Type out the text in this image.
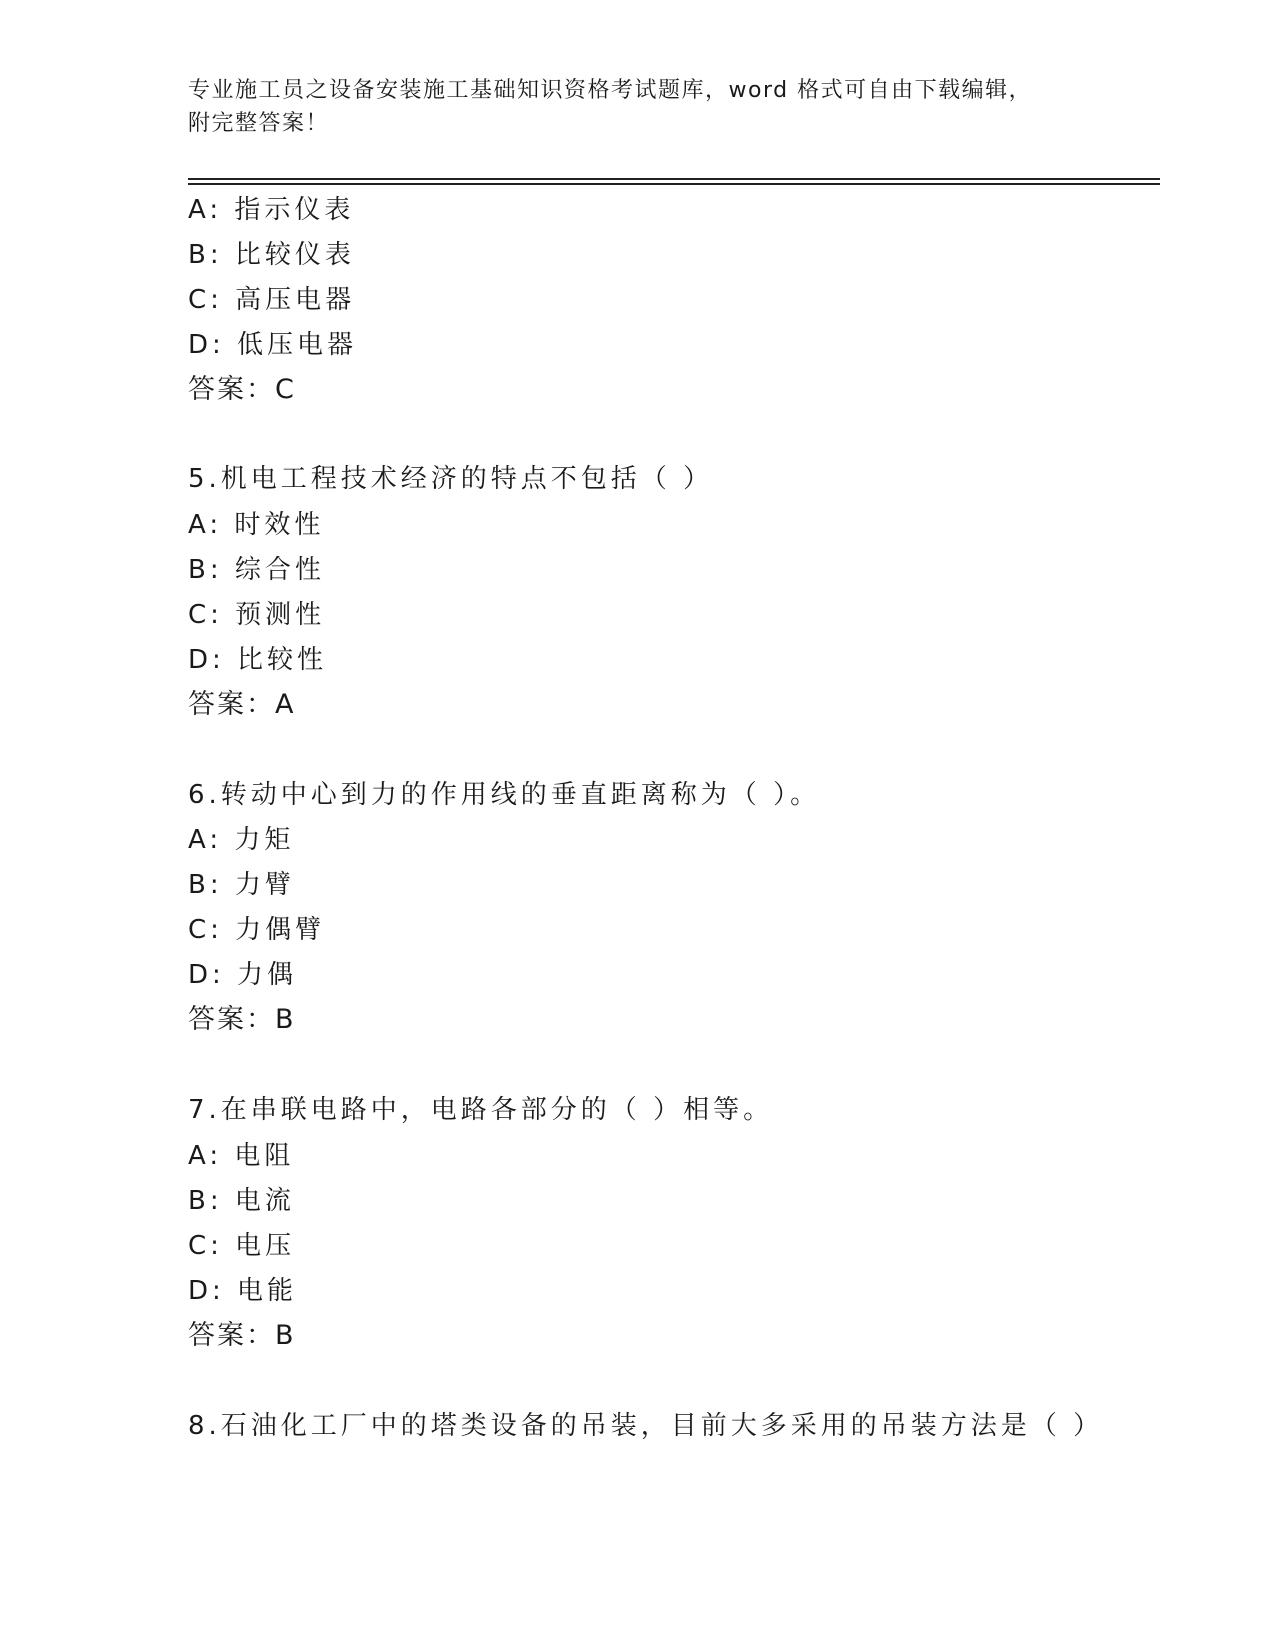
专业施工员之设备安装施工基础知识资格考试题库，word 格式可自由下载编辑，
附完整答案！
A: 指示仪表
B: 比较仪表
C: 高压电器
D: 低压电器
答案：C
5.机电工程技术经济的特点不包括（ ）
A: 时效性
B: 综合性
C: 预测性
D: 比较性
答案：A
6.转动中心到力的作用线的垂直距离称为（ ）。
A: 力矩
B: 力臂
C: 力偶臂
D: 力偶
答案：B
7.在串联电路中，电路各部分的（ ）相等。
A: 电阻
B: 电流
C: 电压
D: 电能
答案：B
8.石油化工厂中的塔类设备的吊装，目前大多采用的吊装方法是（ ）
